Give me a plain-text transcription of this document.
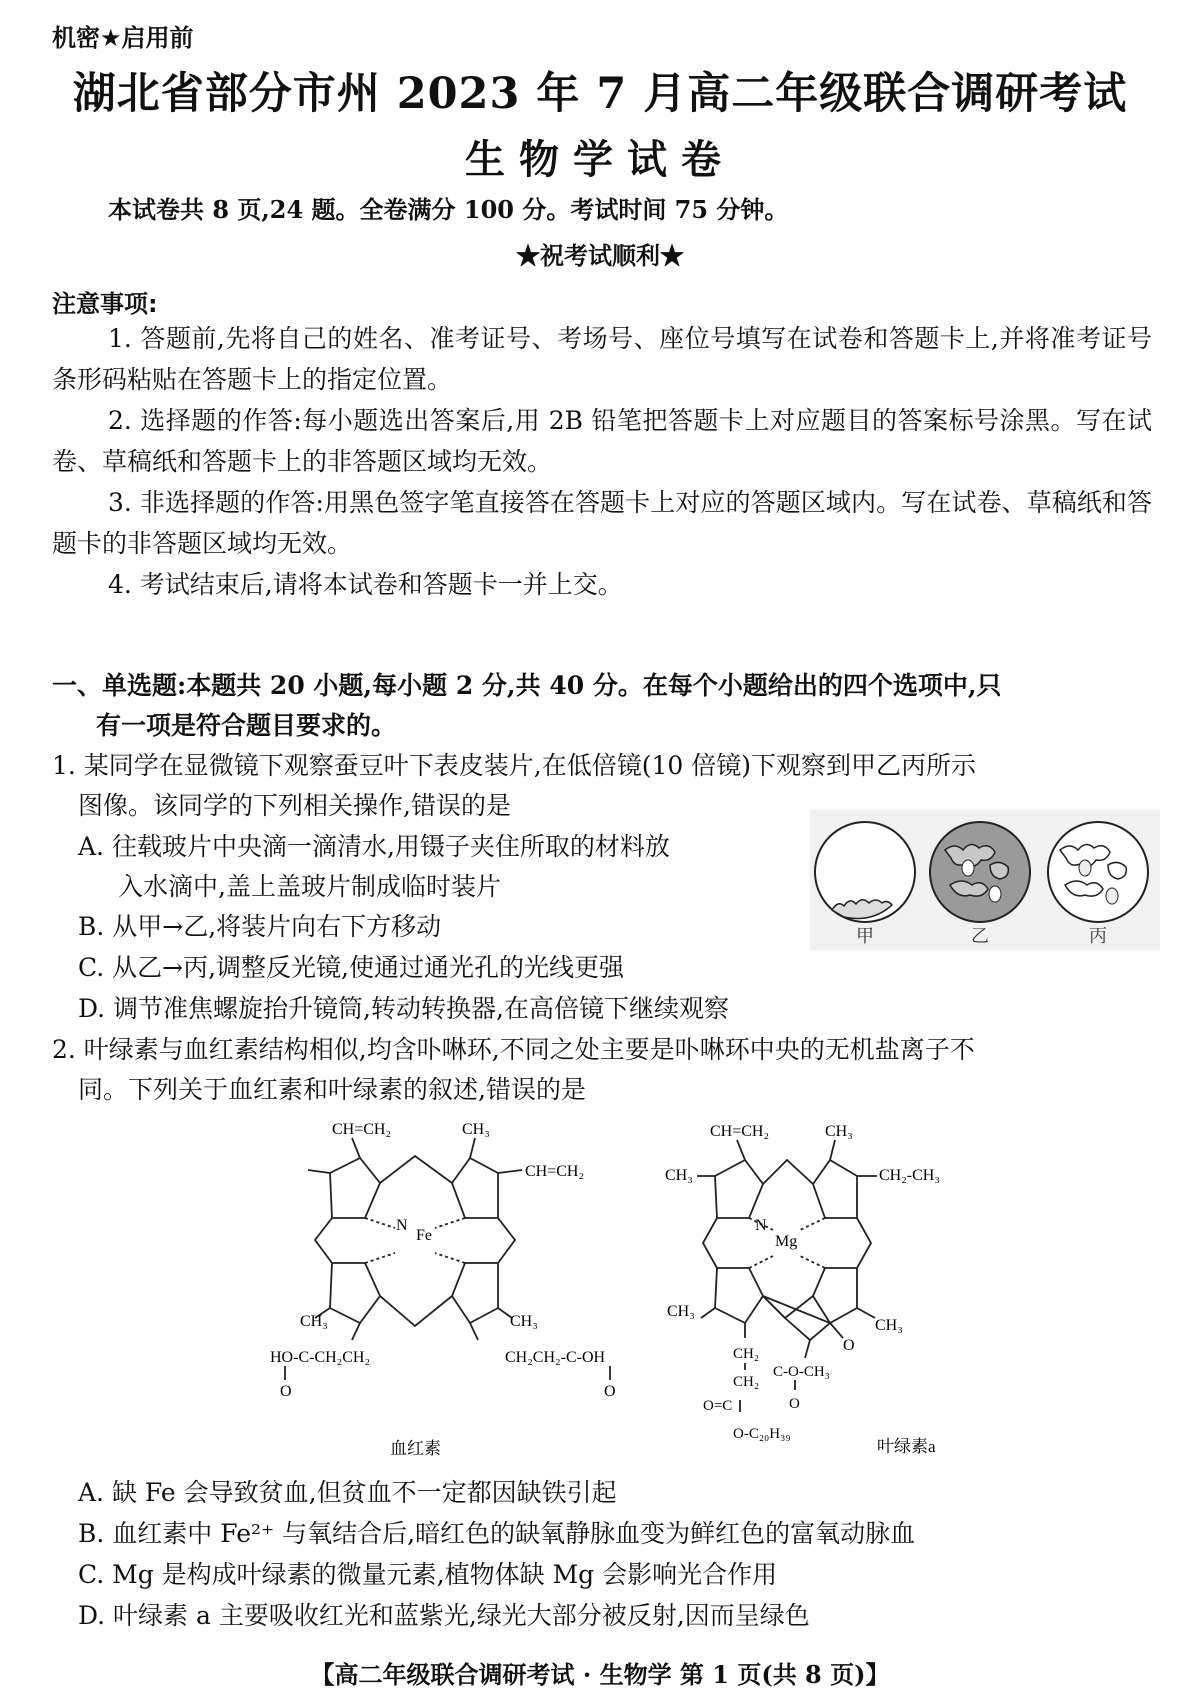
机密★启用前
湖北省部分市州 2023 年 7 月高二年级联合调研考试
生物学试卷
本试卷共 8 页,24 题。全卷满分 100 分。考试时间 75 分钟。
★祝考试顺利★
注意事项:

1. 答题前,先将自己的姓名、准考证号、考场号、座位号填写在试卷和答题卡上,并将准考证号条形码粘贴在答题卡上的指定位置。

2. 选择题的作答:每小题选出答案后,用 2B 铅笔把答题卡上对应题目的答案标号涂黑。写在试卷、草稿纸和答题卡上的非答题区域均无效。

3. 非选择题的作答:用黑色签字笔直接答在答题卡上对应的答题区域内。写在试卷、草稿纸和答题卡的非答题区域均无效。

4. 考试结束后,请将本试卷和答题卡一并上交。

一、单选题:本题共 20 小题,每小题 2 分,共 40 分。在每个小题给出的四个选项中,只
有一项是符合题目要求的。
1. 某同学在显微镜下观察蚕豆叶下表皮装片,在低倍镜(10 倍镜)下观察到甲乙丙所示
图像。该同学的下列相关操作,错误的是
A. 往载玻片中央滴一滴清水,用镊子夹住所取的材料放
入水滴中,盖上盖玻片制成临时装片
B. 从甲→乙,将装片向右下方移动
C. 从乙→丙,调整反光镜,使通过通光孔的光线更强
D. 调节准焦螺旋抬升镜筒,转动转换器,在高倍镜下继续观察
甲	乙	丙
2. 叶绿素与血红素结构相似,均含卟啉环,不同之处主要是卟啉环中央的无机盐离子不
同。下列关于血红素和叶绿素的叙述,错误的是
CH=CH₂	CH₃
CH=CH₂
N
Fe
CH₃	CH₃
HO-C-CH₂CH₂	CH₂CH₂-C-OH
O	O
血红素
CH=CH₂	CH₃
CH₃	CH₂-CH₃
N
Mg
CH₃
CH₃
O
CH₂
CH₂
C-O-CH₃
O
O=C
O-C₂₀H₃₉
叶绿素a
A. 缺 Fe 会导致贫血,但贫血不一定都因缺铁引起
B. 血红素中 Fe²⁺ 与氧结合后,暗红色的缺氧静脉血变为鲜红色的富氧动脉血
C. Mg 是构成叶绿素的微量元素,植物体缺 Mg 会影响光合作用
D. 叶绿素 a 主要吸收红光和蓝紫光,绿光大部分被反射,因而呈绿色
【高二年级联合调研考试 · 生物学 第 1 页(共 8 页)】
